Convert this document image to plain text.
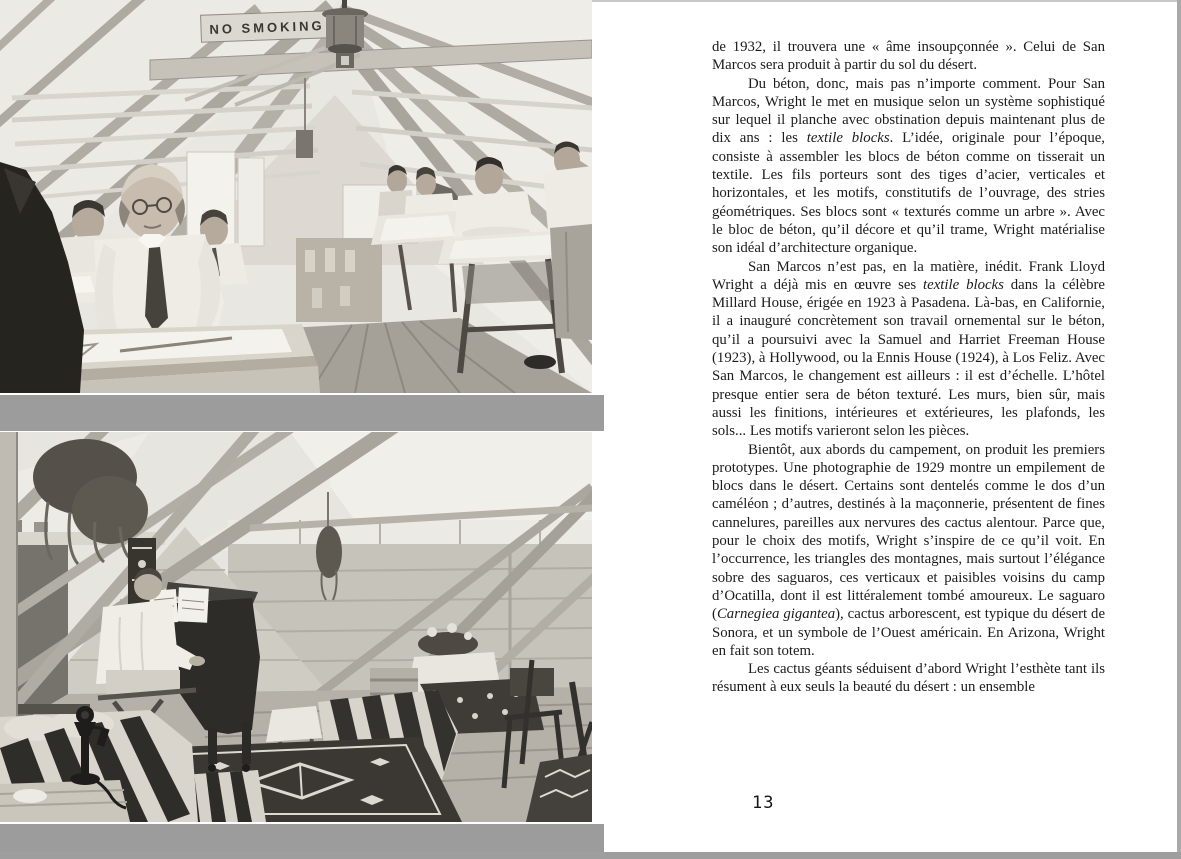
NO SMOKING

de 1932, il trouvera une « âme insoupçonnée ». Celui de San Marcos sera produit à partir du sol du désert.

Du béton, donc, mais pas n’importe comment. Pour San Marcos, Wright le met en musique selon un système sophistiqué sur lequel il planche avec obstination depuis maintenant plus de dix ans : les textile blocks. L’idée, originale pour l’époque, consiste à assembler les blocs de béton comme on tisserait un textile. Les fils porteurs sont des tiges d’acier, verticales et horizontales, et les motifs, constitutifs de l’ouvrage, des stries géométriques. Ses blocs sont « texturés comme un arbre ». Avec le bloc de béton, qu’il décore et qu’il trame, Wright matérialise son idéal d’architecture organique.

San Marcos n’est pas, en la matière, inédit. Frank Lloyd Wright a déjà mis en œuvre ses textile blocks dans la célèbre Millard House, érigée en 1923 à Pasadena. Là-bas, en Californie, il a inauguré concrètement son travail ornemental sur le béton, qu’il a poursuivi avec la Samuel and Harriet Freeman House (1923), à Hollywood, ou la Ennis House (1924), à Los Feliz. Avec San Marcos, le changement est ailleurs : il est d’échelle. L’hôtel presque entier sera de béton texturé. Les murs, bien sûr, mais aussi les finitions, intérieures et extérieures, les plafonds, les sols... Les motifs varieront selon les pièces.

Bientôt, aux abords du campement, on produit les premiers prototypes. Une photographie de 1929 montre un empilement de blocs dans le désert. Certains sont dentelés comme le dos d’un caméléon ; d’autres, destinés à la maçonnerie, présentent de fines cannelures, pareilles aux nervures des cactus alentour. Parce que, pour le choix des motifs, Wright s’inspire de ce qu’il voit. En l’occurrence, les triangles des montagnes, mais surtout l’élégance sobre des saguaros, ces verticaux et paisibles voisins du camp d’Ocatilla, dont il est littéralement tombé amoureux. Le saguaro (Carnegiea gigantea), cactus arborescent, est typique du désert de Sonora, et un symbole de l’Ouest américain. En Arizona, Wright en fait son totem.

Les cactus géants séduisent d’abord Wright l’esthète tant ils résument à eux seuls la beauté du désert : un ensemble

13
